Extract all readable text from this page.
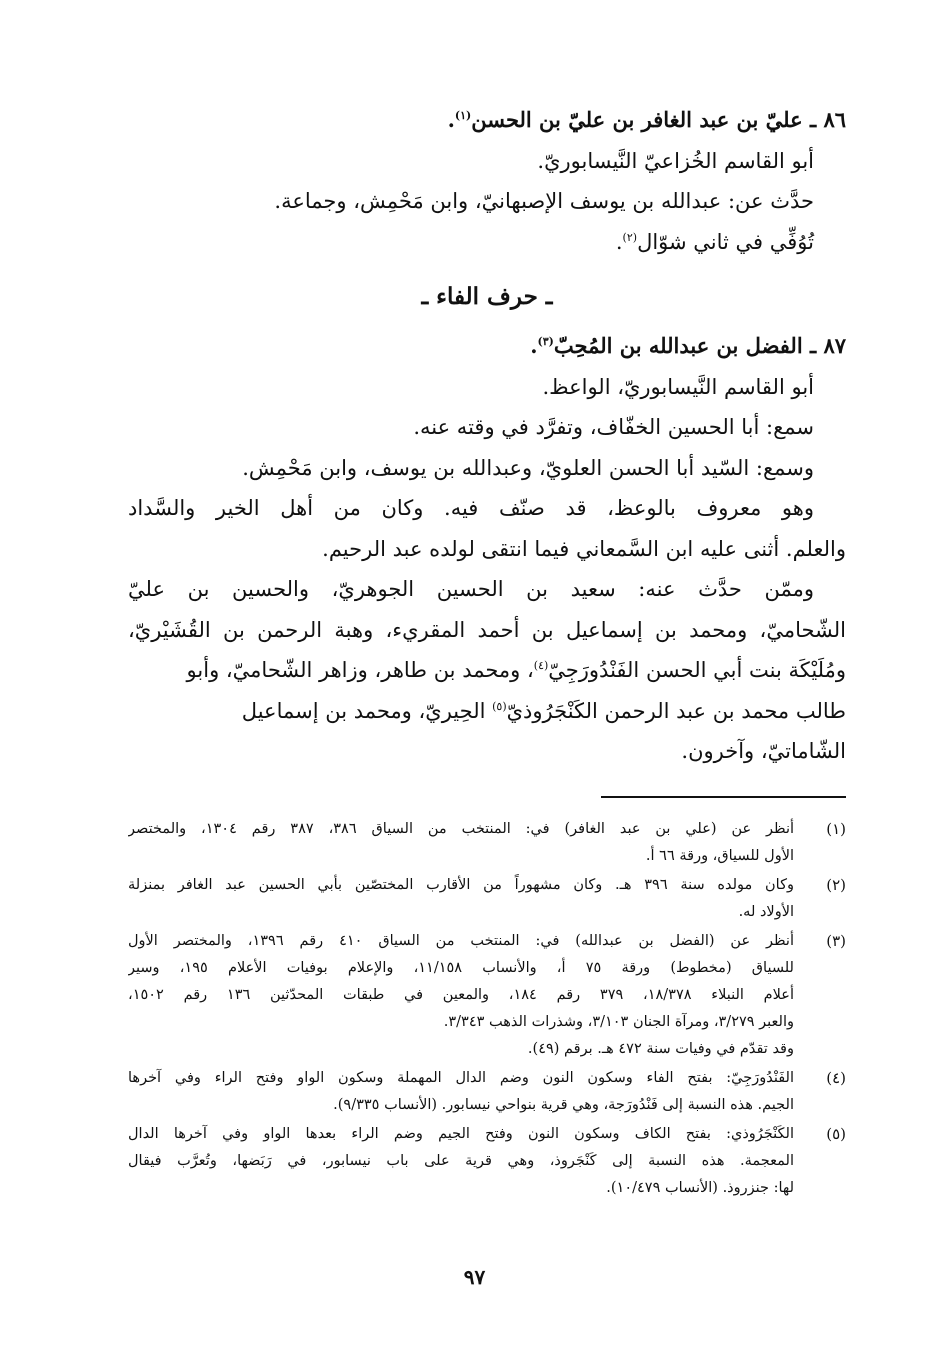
٨٦ ـ عليّ بن عبد الغافر بن عليّ بن الحسن$^{(١)}$.
أبو القاسم الخُزاعيّ النَّيسابوريّ.
حدَّث عن: عبدالله بن يوسف الإصبهانيّ، وابن مَحْمِش، وجماعة.
تُوُفِّي في ثاني شوّال$^{(٢)}$.
ـ حرف الفاء ـ
٨٧ ـ الفضل بن عبدالله بن المُحِبّ$^{(٣)}$.
أبو القاسم النَّيسابوريّ، الواعظ.
سمع: أبا الحسين الخفّاف، وتفرَّد في وقته عنه.
وسمع: السّيد أبا الحسن العلويّ، وعبدالله بن يوسف، وابن مَحْمِش.
وهو معروف بالوعظ، قد صنّف فيه. وكان من أهل الخير والسَّداد
والعلم. أثنى عليه ابن السَّمعاني فيما انتقى لولده عبد الرحيم.
وممّن حدَّث عنه: سعيد بن الحسين الجوهريّ، والحسين بن عليّ
الشّحاميّ، ومحمد بن إسماعيل بن أحمد المقريء، وهبة الرحمن بن القُشَيْريّ،
ومُلَيْكَة بنت أبي الحسن الفَنْدُورَجِيّ$^{(٤)}$، ومحمد بن طاهر، وزاهر الشّحاميّ، وأبو
طالب محمد بن عبد الرحمن الكَنْجَرُوذيّ$^{(٥)}$ الحِيريّ، ومحمد بن إسماعيل
الشّاماتيّ، وآخرون.
(١)
أنظر عن (علي بن عبد الغافر) في: المنتخب من السياق ٣٨٦، ٣٨٧ رقم ١٣٠٤، والمختصر
الأول للسياق، ورقة ٦٦ أ.
(٢)
وكان مولده سنة ٣٩٦ هـ. وكان مشهوراً من الأقارب المختصّين بأبي الحسين عبد الغافر بمنزلة
الأولاد له.
(٣)
أنظر عن (الفضل بن عبدالله) في: المنتخب من السياق ٤١٠ رقم ١٣٩٦، والمختصر الأول
للسياق (مخطوط) ورقة ٧٥ أ، والأنساب ١١/١٥٨، والإعلام بوفيات الأعلام ١٩٥، وسير
أعلام النبلاء ١٨/٣٧٨، ٣٧٩ رقم ١٨٤، والمعين في طبقات المحدّثين ١٣٦ رقم ١٥٠٢،
والعبر ٣/٢٧٩، ومرآة الجنان ٣/١٠٣، وشذرات الذهب ٣/٣٤٣.
وقد تقدّم في وفيات سنة ٤٧٢ هـ. برقم (٤٩).
(٤)
الفَنْدُورَجِيّ: بفتح الفاء وسكون النون وضم الدال المهملة وسكون الواو وفتح الراء وفي آخرها
الجيم. هذه النسبة إلى فَنْدُورَجة، وهي قرية بنواحي نيسابور. (الأنساب ٩/٣٣٥).
(٥)
الكَنْجَرُوذي: بفتح الكاف وسكون النون وفتح الجيم وضم الراء بعدها الواو وفي آخرها الدال
المعجمة. هذه النسبة إلى كَنْجَروذ، وهي قرية على باب نيسابور، في رَبَضها، وتُعرَّب فيقال
لها: جنزروذ. (الأنساب ١٠/٤٧٩).
٩٧
